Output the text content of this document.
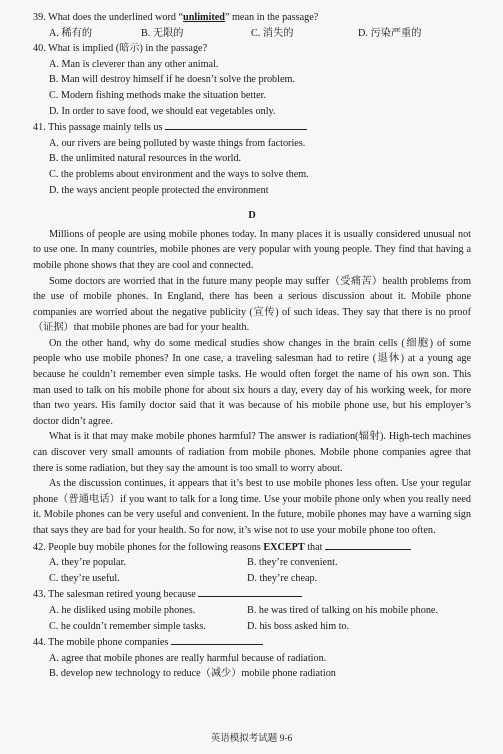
39. What does the underlined word “unlimited” mean in the passage?
A. 稀有的	B. 无限的	C. 消失的	D. 污染严重的
40. What is implied (暗示) in the passage?
A. Man is cleverer than any other animal.
B. Man will destroy himself if he doesn’t solve the problem.
C. Modern fishing methods make the situation better.
D. In order to save food, we should eat vegetables only.
41. This passage mainly tells us
A. our rivers are being polluted by waste things from factories.
B. the unlimited natural resources in the world.
C. the problems about environment and the ways to solve them.
D. the ways ancient people protected the environment
D

Millions of people are using mobile phones today. In many places it is usually considered unusual not to use one. In many countries, mobile phones are very popular with young people. They find that having a mobile phone shows that they are cool and connected.

Some doctors are worried that in the future many people may suffer（受痛苦）health problems from the use of mobile phones. In England, there has been a serious discussion about it. Mobile phone companies are worried about the negative publicity (宣传) of such ideas. They say that there is no proof（证据）that mobile phones are bad for your health.

On the other hand, why do some medical studies show changes in the brain cells (细胞) of some people who use mobile phones? In one case, a traveling salesman had to retire (退休) at a young age because he couldn’t remember even simple tasks. He would often forget the name of his own son. This man used to talk on his mobile phone for about six hours a day, every day of his working week, for more than two years. His family doctor said that it was because of his mobile phone use, but his employer’s doctor didn’t agree.

What is it that may make mobile phones harmful? The answer is radiation(辐射). High-tech machines can discover very small amounts of radiation from mobile phones. Mobile phone companies agree that there is some radiation, but they say the amount is too small to worry about.

As the discussion continues, it appears that it’s best to use mobile phones less often. Use your regular phone（普通电话）if you want to talk for a long time. Use your mobile phone only when you really need it. Mobile phones can be very useful and convenient. In the future, mobile phones may have a warning sign that says they are bad for your health. So for now, it’s wise not to use your mobile phone too often.

42. People buy mobile phones for the following reasons EXCEPT that
A. they’re popular.	B. they’re convenient.
C. they’re useful.	D. they’re cheap.
43. The salesman retired young because
A. he disliked using mobile phones.	B. he was tired of talking on his mobile phone.
C. he couldn’t remember simple tasks.	D. his boss asked him to.
44. The mobile phone companies
A. agree that mobile phones are really harmful because of radiation.
B. develop new technology to reduce（减少）mobile phone radiation
英语模拟考试题 9-6
